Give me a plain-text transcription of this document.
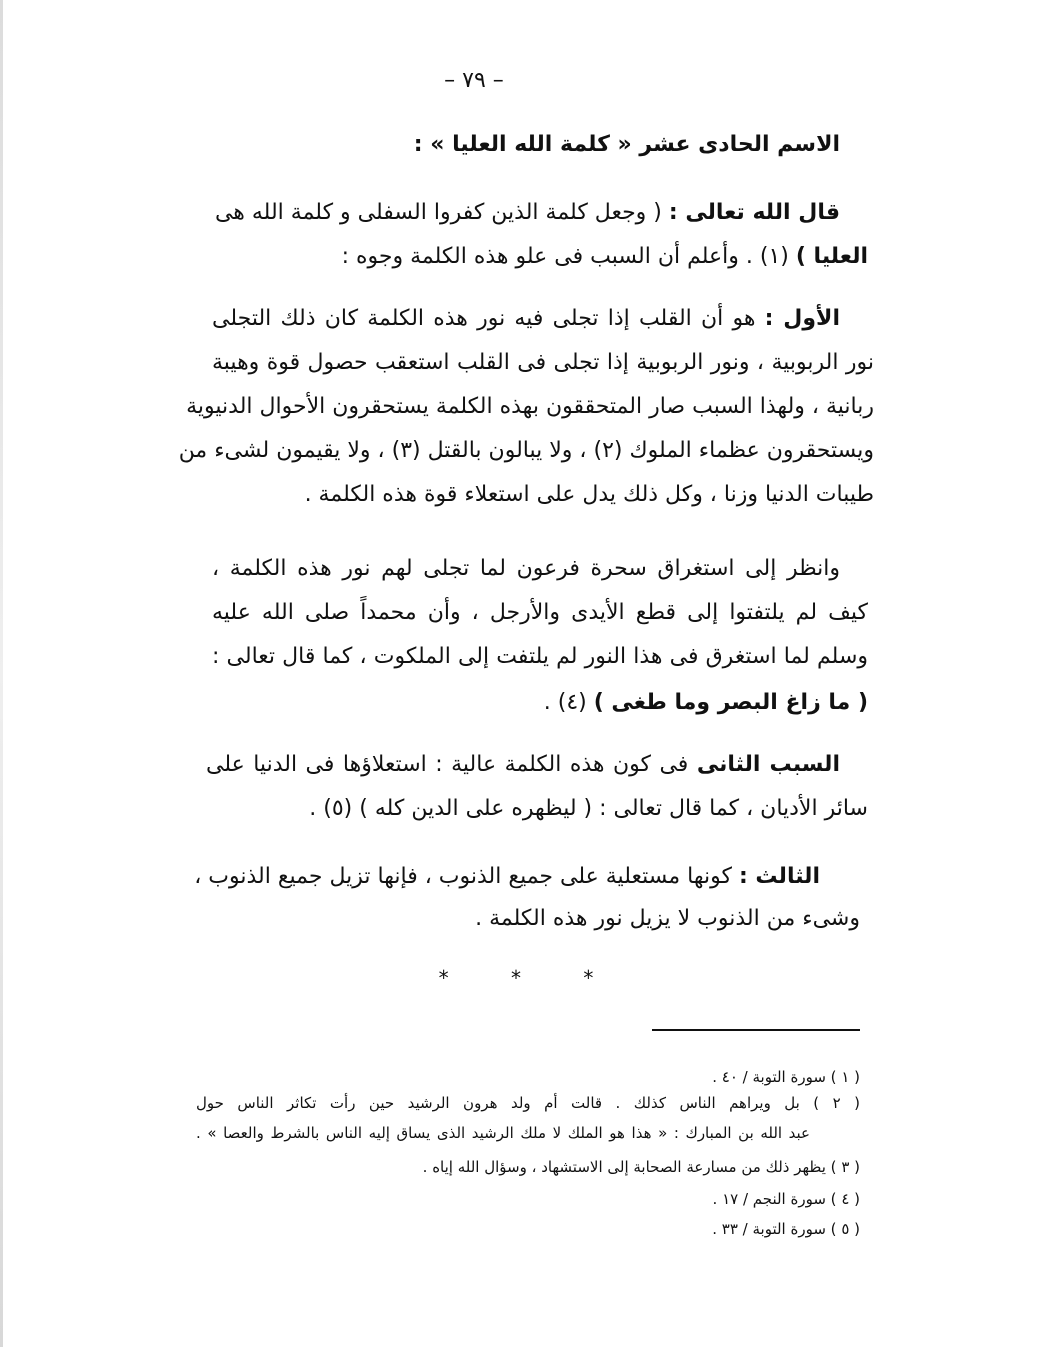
– ٧٩ –
الاسم الحادى عشر « كلمة الله العليا » :
قال الله تعالى : ( وجعل كلمة الذين كفروا السفلى و كلمة الله هى
العليا ) (١) . وأعلم أن السبب فى علو هذه الكلمة وجوه :
الأول : هو أن القلب إذا تجلى فيه نور هذه الكلمة كان ذلك التجلى
نور الربوبية ، ونور الربوبية إذا تجلى فى القلب استعقب حصول قوة وهيبة
ربانية ، ولهذا السبب صار المتحققون بهذه الكلمة يستحقرون الأحوال الدنيوية
ويستحقرون عظماء الملوك (٢) ، ولا يبالون بالقتل (٣) ، ولا يقيمون لشىء من
طيبات الدنيا وزنا ، وكل ذلك يدل على استعلاء قوة هذه الكلمة .
وانظر إلى استغراق سحرة فرعون لما تجلى لهم نور هذه الكلمة ،
كيف لم يلتفتوا إلى قطع الأيدى والأرجل ، وأن محمداً صلى الله عليه
وسلم لما استغرق فى هذا النور لم يلتفت إلى الملكوت ، كما قال تعالى :
( ما زاغ البصر وما طغى ) (٤) .
السبب الثانى فى كون هذه الكلمة عالية : استعلاؤها فى الدنيا على
سائر الأديان ، كما قال تعالى : ( ليظهره على الدين كله ) (٥) .
الثالث : كونها مستعلية على جميع الذنوب ، فإنها تزيل جميع الذنوب ،
وشىء من الذنوب لا يزيل نور هذه الكلمة .
* * *
( ١ ) سورة التوبة / ٤٠ .
( ٢ ) بل ويراهم الناس كذلك . قالت أم ولد هرون الرشيد حين رأت تكاثر الناس حول
عبد الله بن المبارك : « هذا هو الملك لا ملك الرشيد الذى يساق إليه الناس بالشرط والعصا » .
( ٣ ) يظهر ذلك من مسارعة الصحابة إلى الاستشهاد ، وسؤال الله إياه .
( ٤ ) سورة النجم / ١٧ .
( ٥ ) سورة التوبة / ٣٣ .
